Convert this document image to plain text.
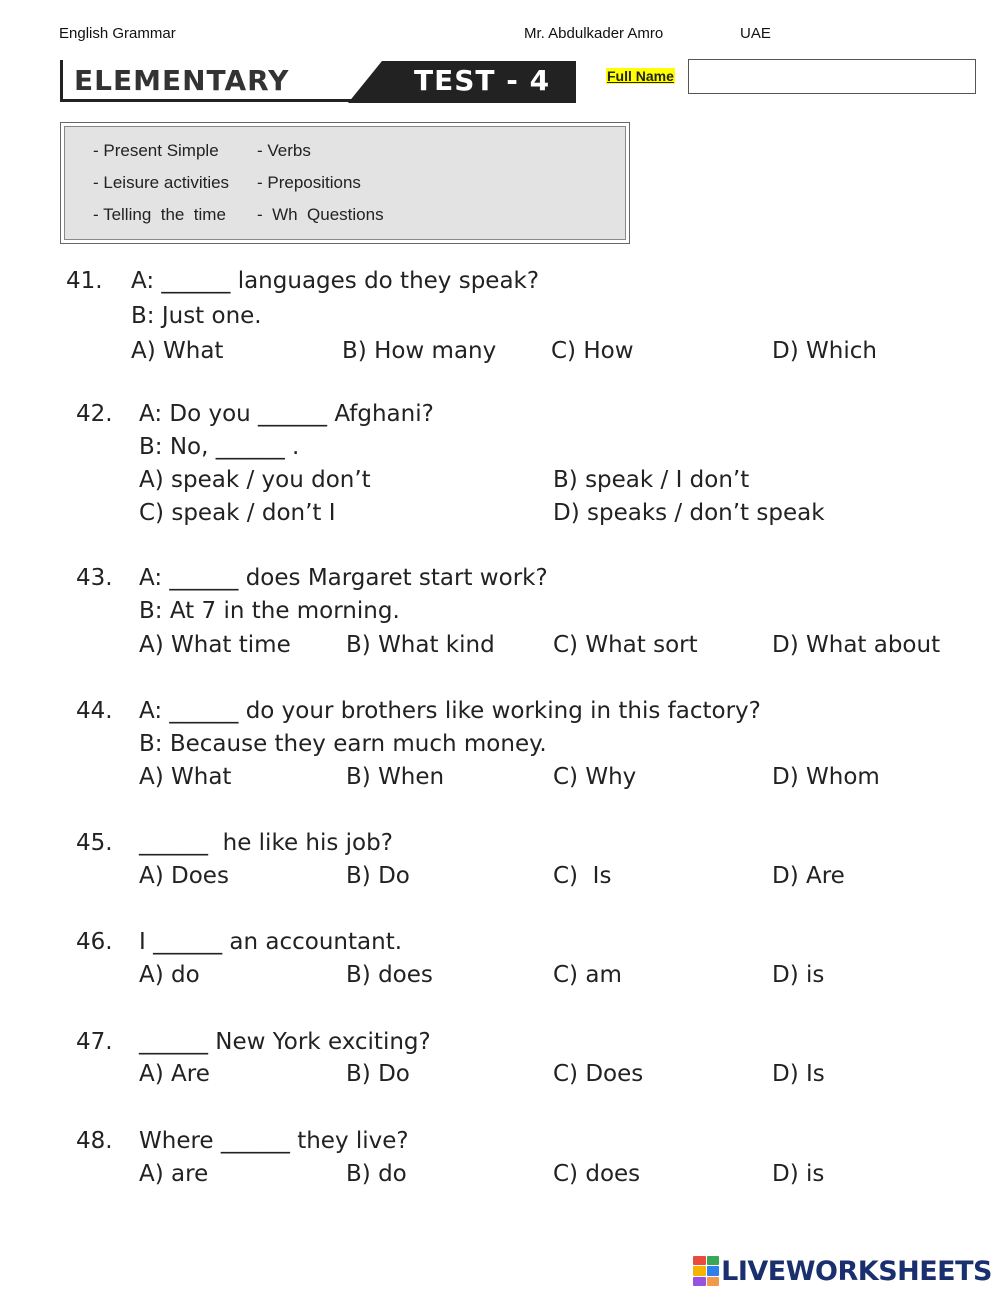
English Grammar	Mr. Abdulkader Amro	UAE
ELEMENTARY	TEST - 4	Full Name
- Present Simple - Verbs
- Leisure activities - Prepositions
- Telling  the  time -  Wh  Questions
41. A: ______ languages do they speak?
B: Just one.
A) What	B) How many C) How	D) Which
42. A: Do you ______ Afghani?
B: No, ______ .
A) speak / you don’t	B) speak / I don’t
C) speak / don’t I	D) speaks / don’t speak
43. A: ______ does Margaret start work?
B: At 7 in the morning.
A) What time B) What kind	C) What sort	D) What about
44. A: ______ do your brothers like working in this factory?
B: Because they earn much money.
A) What	B) When	C) Why	D) Whom
45. ______  he like his job?
A) Does	B) Do	C)  Is	D) Are
46. I ______ an accountant.
A) do	B) does	C) am	D) is
47. ______ New York exciting?
A) Are	B) Do	C) Does	D) Is
48. Where ______ they live?
A) are	B) do	C) does	D) is
LIVEWORKSHEETS
